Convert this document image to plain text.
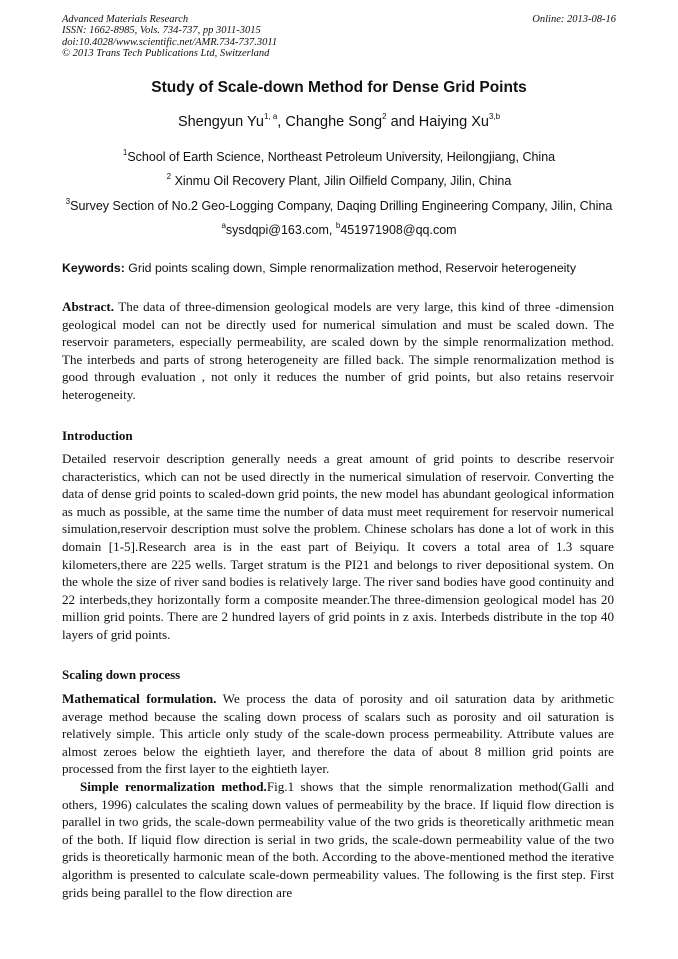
Advanced Materials Research
ISSN: 1662-8985, Vols. 734-737, pp 3011-3015
doi:10.4028/www.scientific.net/AMR.734-737.3011
© 2013 Trans Tech Publications Ltd, Switzerland
Online: 2013-08-16
Study of Scale-down Method for Dense Grid Points
Shengyun Yu$^{1, a}$, Changhe Song$^2$ and Haiying Xu$^{3,b}$
$^1$School of Earth Science, Northeast Petroleum University, Heilongjiang, China
$^2$ Xinmu Oil Recovery Plant, Jilin Oilfield Company, Jilin, China
$^3$Survey Section of No.2 Geo-Logging Company, Daqing Drilling Engineering Company, Jilin, China
$^a$sysdqpi@163.com, $^b$451971908@qq.com
Keywords: Grid points scaling down, Simple renormalization method, Reservoir heterogeneity
Abstract. The data of three-dimension geological models are very large, this kind of three -dimension geological model can not be directly used for numerical simulation and must be scaled down. The reservoir parameters, especially permeability, are scaled down by the simple renormalization method. The interbeds and parts of strong heterogeneity are filled back. The simple renormalization method is good through evaluation , not only it reduces the number of grid points, but also retains reservoir heterogeneity.
Introduction
Detailed reservoir description generally needs a great amount of grid points to describe reservoir characteristics, which can not be used directly in the numerical simulation of reservoir. Converting the data of dense grid points to scaled-down grid points, the new model has abundant geological information as much as possible, at the same time the number of data must meet requirement for reservoir numerical simulation,reservoir description must solve the problem. Chinese scholars has done a lot of work in this domain [1-5].Research area is in the east part of Beiyiqu. It covers a total area of 1.3 square kilometers,there are 225 wells. Target stratum is the PI21 and belongs to river depositional system. On the whole the size of river sand bodies is relatively large. The river sand bodies have good continuity and 22 interbeds,they horizontally form a composite meander.The three-dimension geological model has 20 million grid points. There are 2 hundred layers of grid points in z axis. Interbeds distribute in the top 40 layers of grid points.
Scaling down process
Mathematical formulation. We process the data of porosity and oil saturation data by arithmetic average method because the scaling down process of scalars such as porosity and oil saturation is relatively simple. This article only study of the scale-down process permeability. Attribute values are almost zeroes below the eightieth layer, and therefore the data of about 8 million grid points are processed from the first layer to the eightieth layer.
Simple renormalization method.Fig.1 shows that the simple renormalization method(Galli and others, 1996) calculates the scaling down values of permeability by the brace. If liquid flow direction is parallel in two grids, the scale-down permeability value of the two grids is theoretically arithmetic mean of the both. If liquid flow direction is serial in two grids, the scale-down permeability value of the two grids is theoretically harmonic mean of the both. According to the above-mentioned method the iterative algorithm is presented to calculate scale-down permeability values. The following is the first step. First grids being parallel to the flow direction are
